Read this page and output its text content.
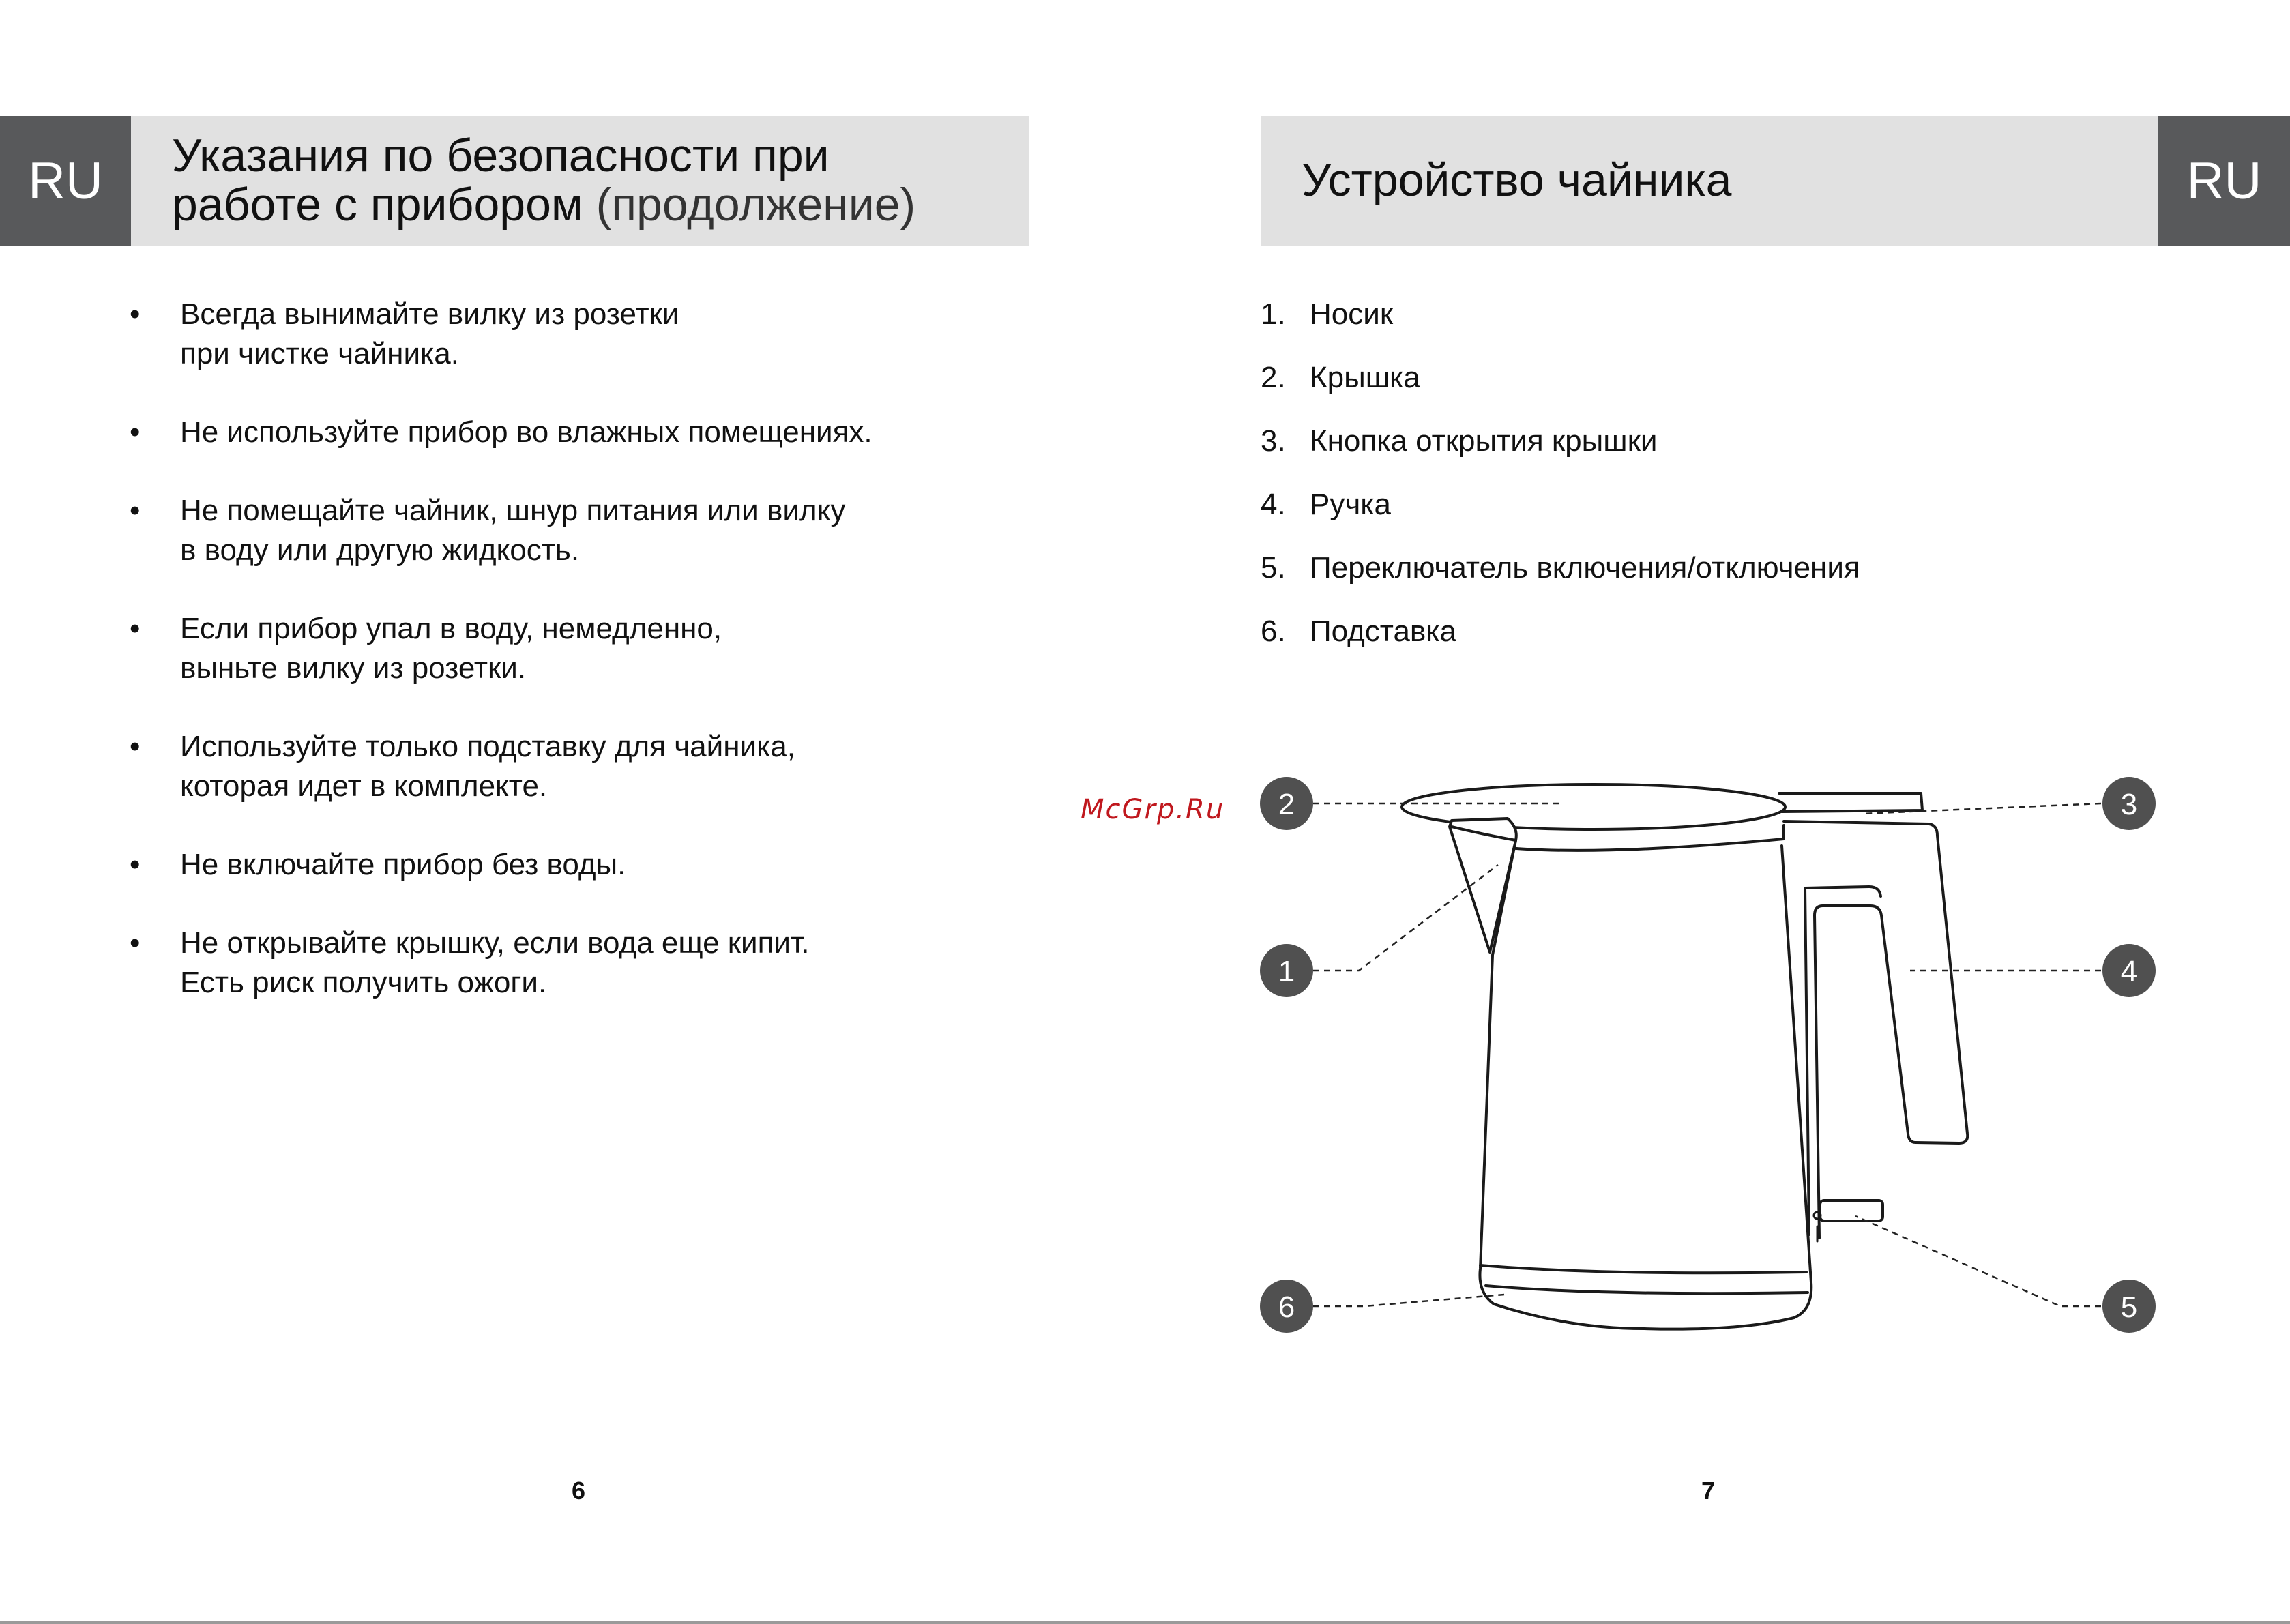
RU	Указания по безопасности при
работе с прибором (продолжение)
• Всегда вынимайте вилку из розетки
при чистке чайника.
• Не используйте прибор во влажных помещениях.
• Не помещайте чайник, шнур питания или вилку
в воду или другую жидкость.
• Если прибор упал в воду, немедленно,
выньте вилку из розетки.
• Используйте только подставку для чайника,
которая идет в комплекте.
• Не включайте прибор без воды.
• Не открывайте крышку, если вода еще кипит.
Есть риск получить ожоги.
6
Устройство чайника	RU
1. Носик
2. Крышка
3. Кнопка открытия крышки
4. Ручка
5. Переключатель включения/отключения
6. Подставка
McGrp.Ru 2
1
6
3
4
5
7
